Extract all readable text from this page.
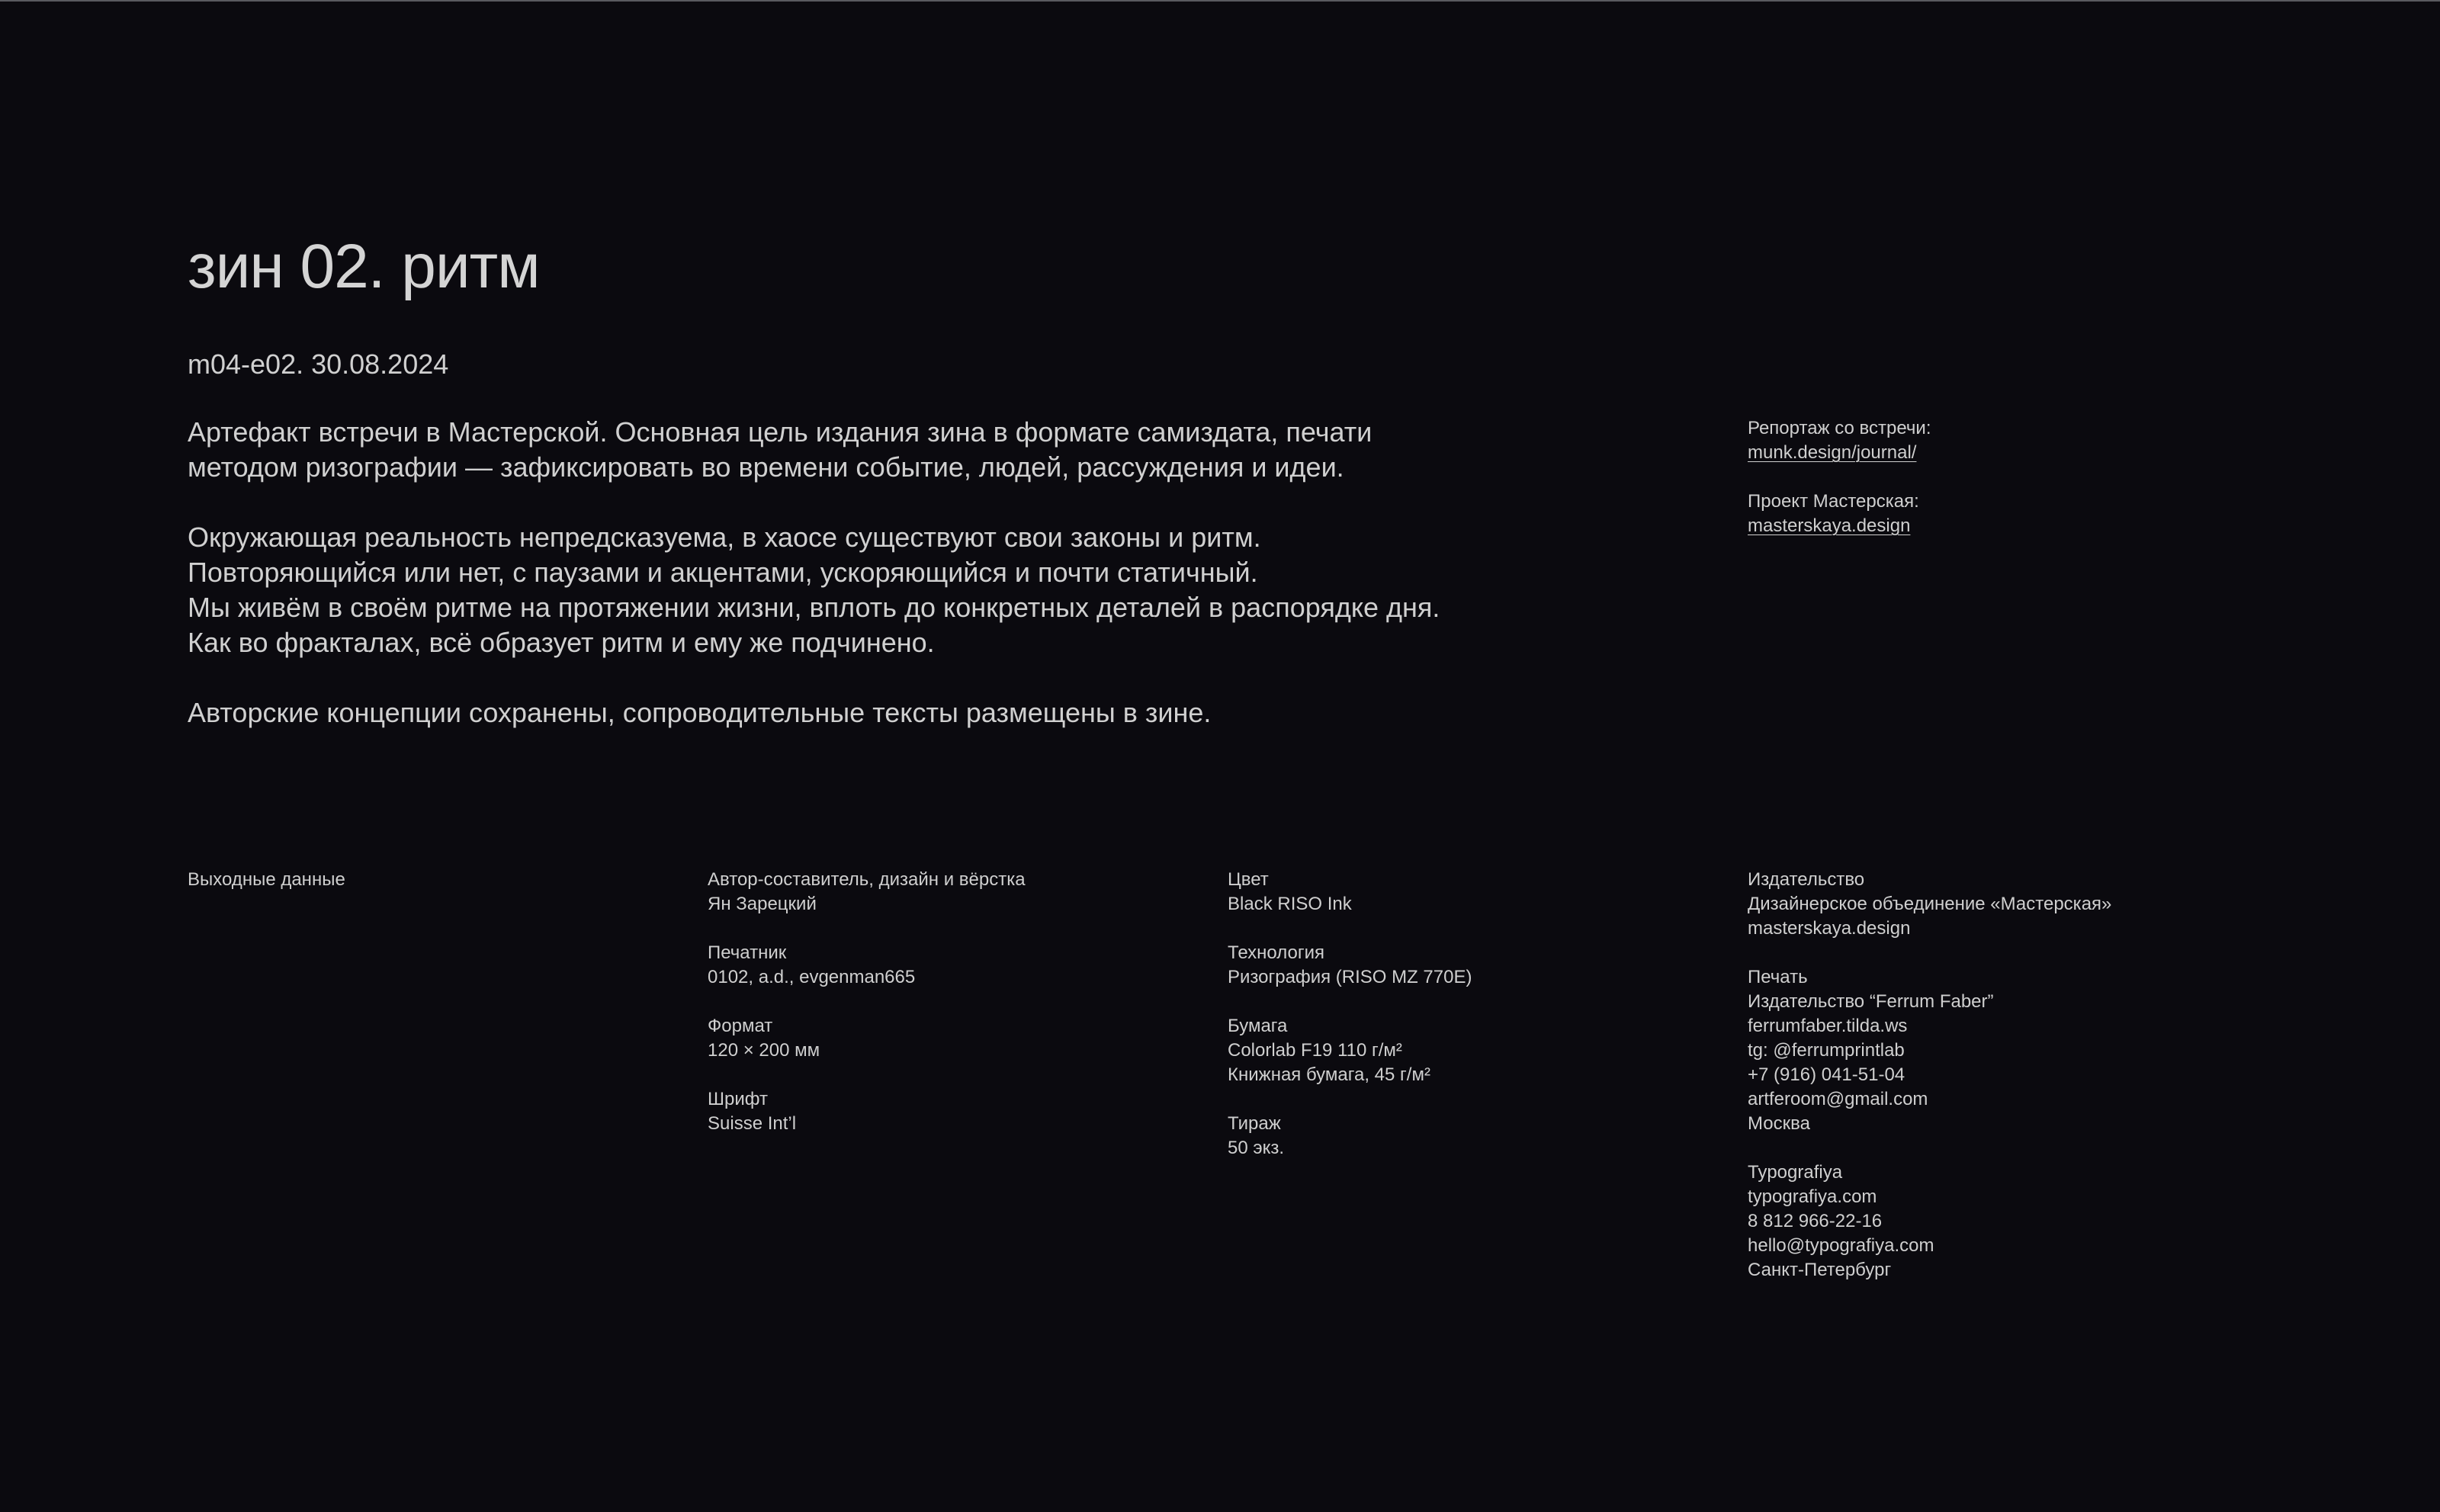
зин 02. ритм
m04-e02. 30.08.2024

Артефакт встречи в Мастерской. Основная цель издания зина в формате самиздата, печати
методом ризографии — зафиксировать во времени событие, людей, рассуждения и идеи.

Окружающая реальность непредсказуема, в хаосе существуют свои законы и ритм.
Повторяющийся или нет, с паузами и акцентами, ускоряющийся и почти статичный.
Мы живём в своём ритме на протяжении жизни, вплоть до конкретных деталей в распорядке дня.
Как во фракталах, всё образует ритм и ему же подчинено.

Авторские концепции сохранены, сопроводительные тексты размещены в зине.

Репортаж со встречи:
munk.design/journal/
Проект Мастерская:
masterskaya.design
Выходные данные	Автор-составитель, дизайн и вёрстка
Ян Зарецкий
Печатник
0102, a.d., evgenman665
Формат
120 × 200 мм
Шрифт
Suisse Int’l
Цвет
Black RISO Ink
Технология
Ризография (RISO MZ 770E)
Бумага
Colorlab F19 110 г/м²
Книжная бумага, 45 г/м²
Тираж
50 экз.
Издательство
Дизайнерское объединение «Мастерская»
masterskaya.design
Печать
Издательство “Ferrum Faber”
ferrumfaber.tilda.ws
tg: @ferrumprintlab
+7 (916) 041-51-04
artferoom@gmail.com
Москва
Typografiya
typografiya.com
8 812 966-22-16
hello@typografiya.com
Санкт-Петербург
